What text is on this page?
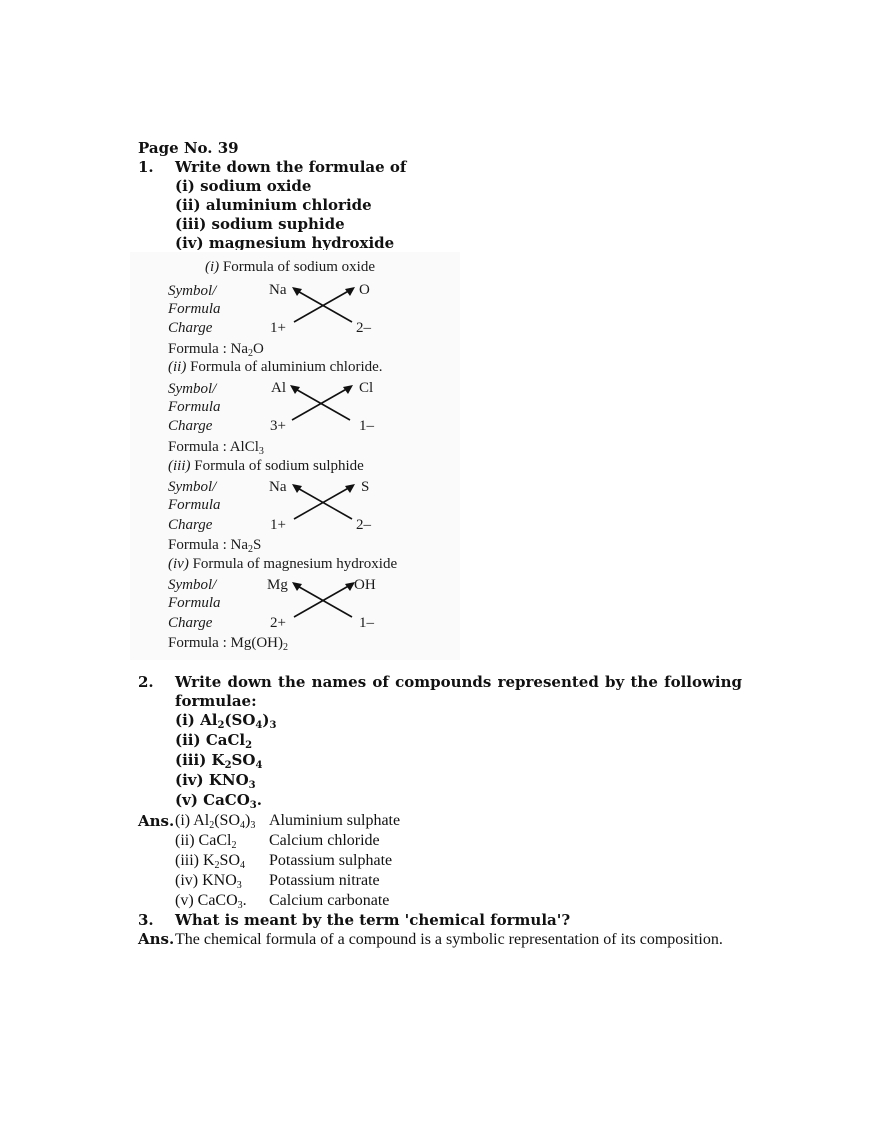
Page No. 39
1. Write down the formulae of
(i) sodium oxide
(ii) aluminium chloride
(iii) sodium suphide
(iv) magnesium hydroxide
(i) Formula of sodium oxide
Symbol/
Formula
Charge
Na	O
1+	2–
Formula : $Na_2O$
(ii) Formula of aluminium chloride.
Symbol/
Formula
Charge
Al	Cl
3+	1–
Formula : AlCl$_3$
(iii) Formula of sodium sulphide
Symbol/
Formula
Charge
Na	S
1+	2–
Formula : $Na_2S$
(iv) Formula of magnesium hydroxide
Symbol/
Formula
Charge
Mg	OH
2+	1–
Formula : $Mg(OH)_2$
2. Write down the names of compounds represented by the following
formulae:
(i) $Al_2(SO_4)_3$
(ii) CaCl$_2$
(iii) $K_2SO_4$
(iv) $KNO_3$
(v) CaCO$_3$.
Ans. (i) $Al_2(SO_4)_3$ Aluminium sulphate
(ii) CaCl$_2$ Calcium chloride
(iii) $K_2SO_4$ Potassium sulphate
(iv) $KNO_3$ Potassium nitrate
(v) CaCO$_3$. Calcium carbonate
3. What is meant by the term 'chemical formula'?
Ans. The chemical formula of a compound is a symbolic representation of its composition.
